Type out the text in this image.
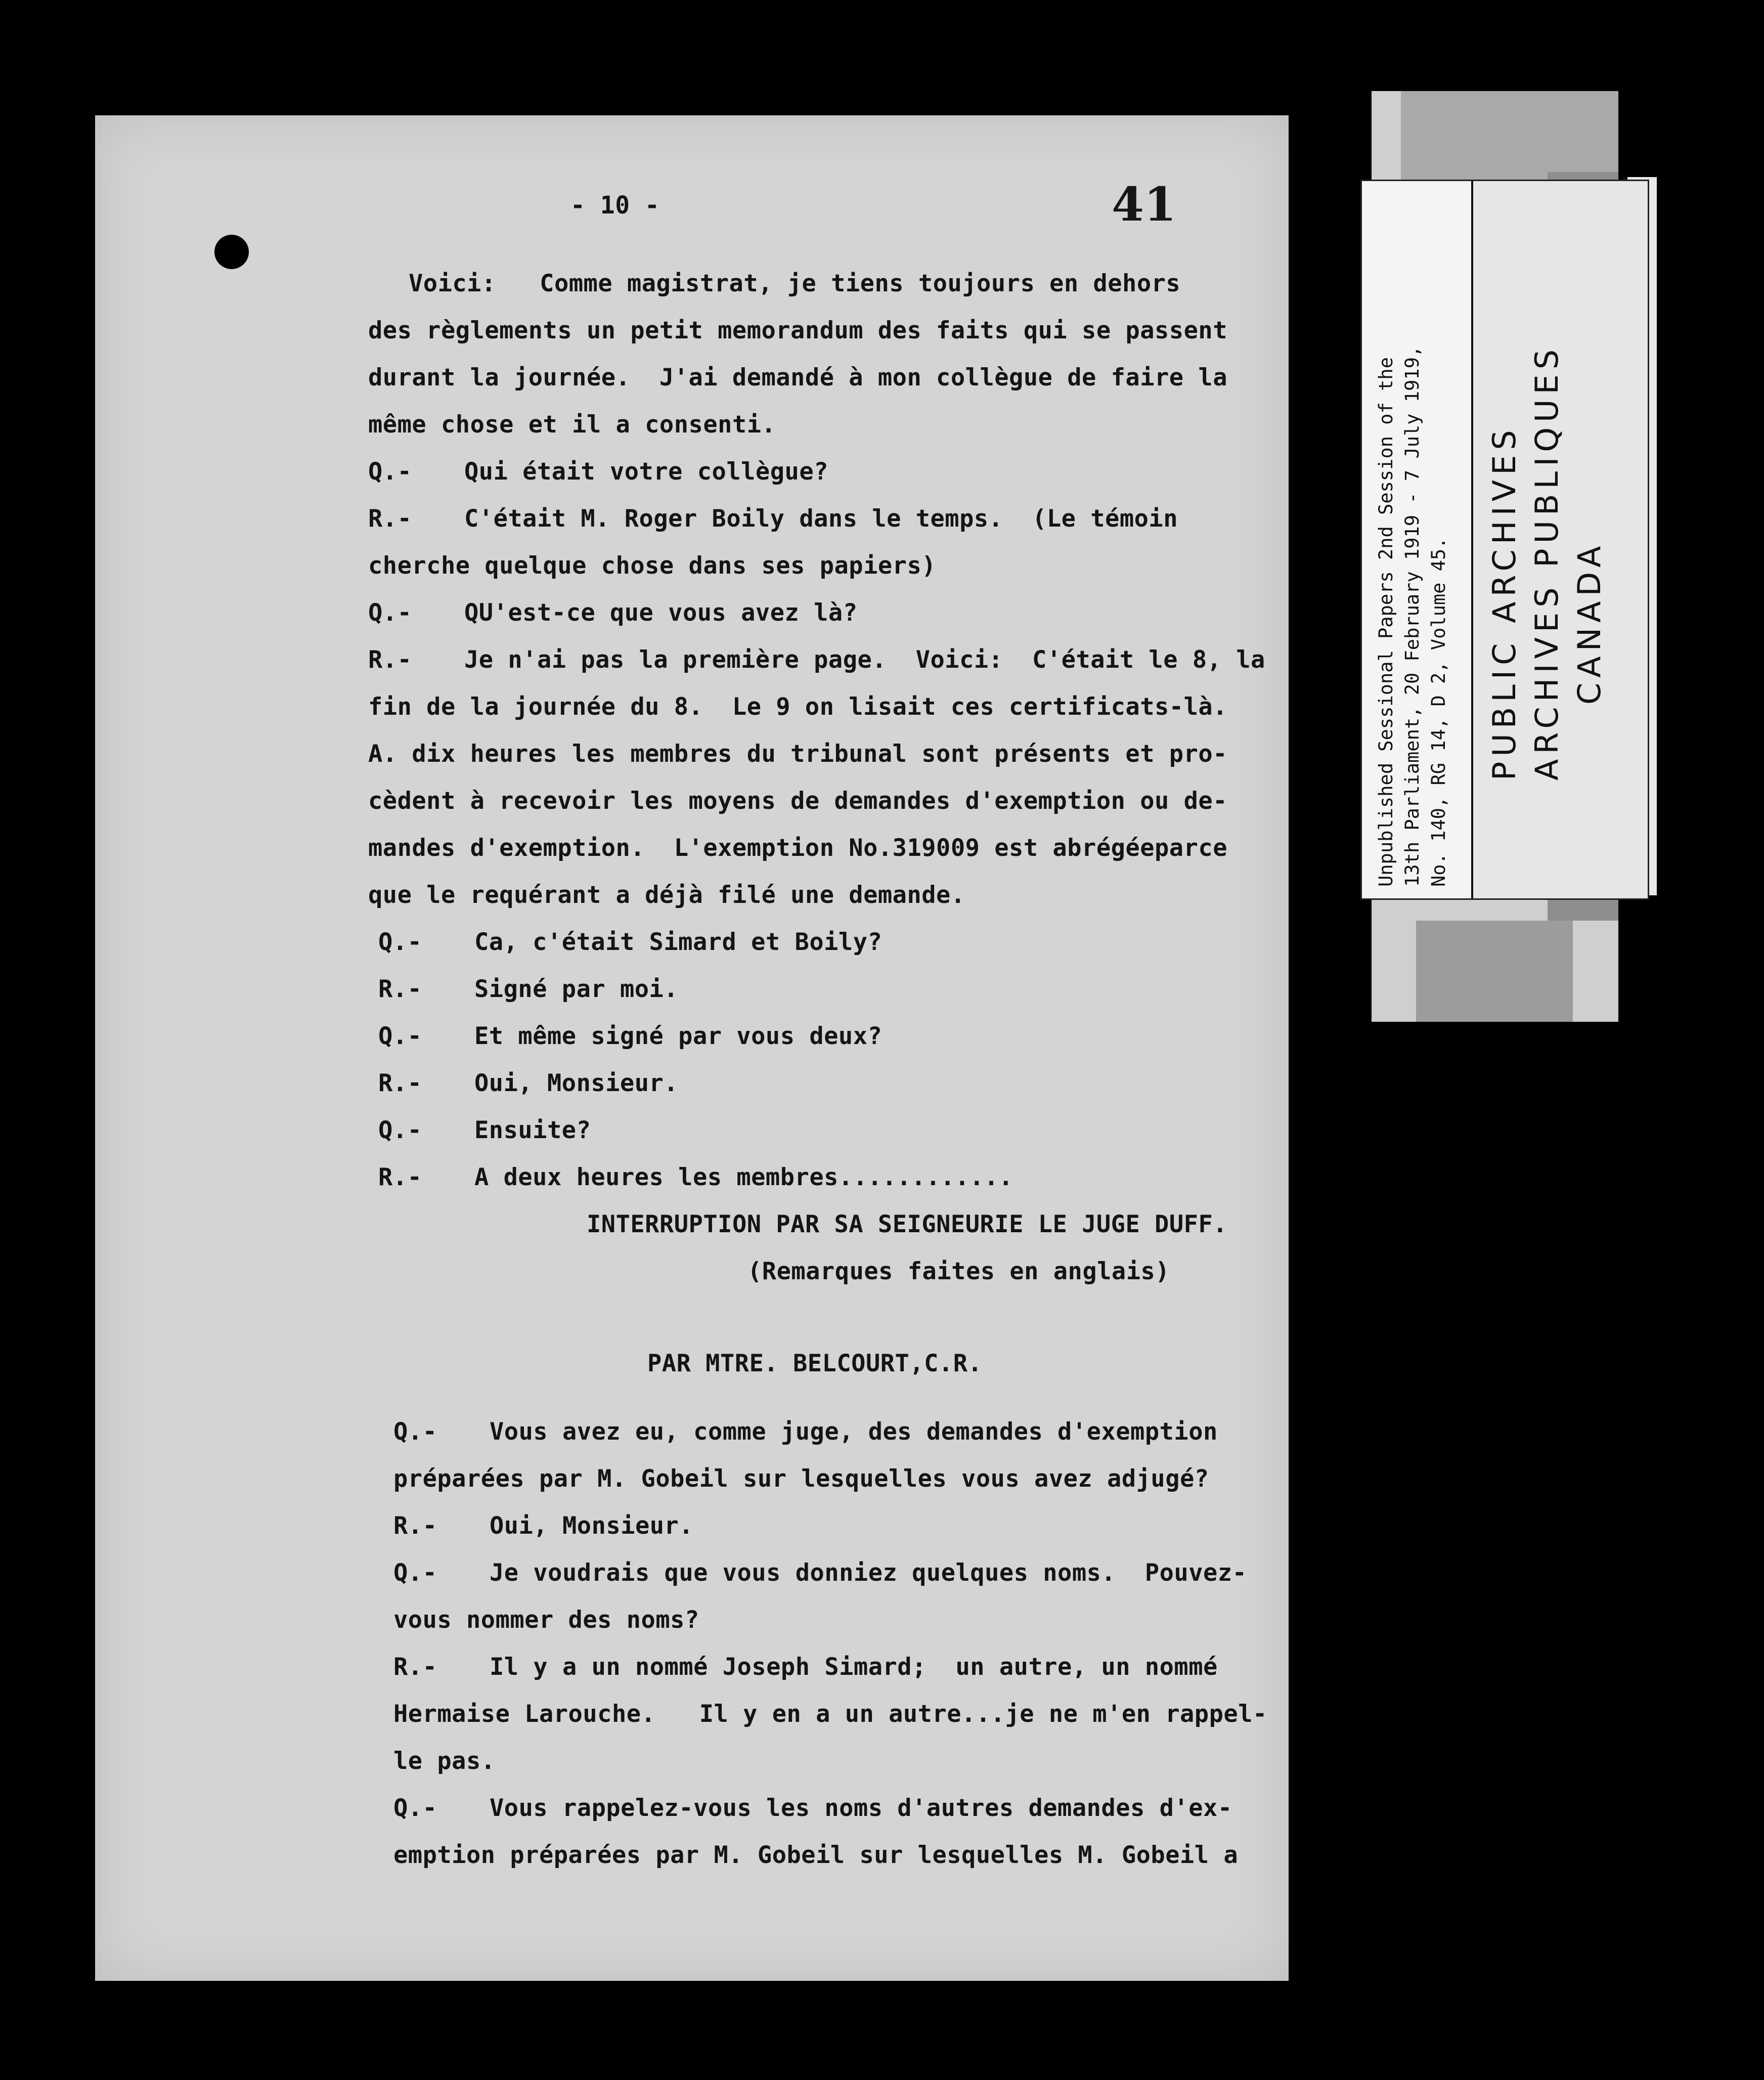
- 10 -	41

Voici:   Comme magistrat, je tiens toujours en dehors

des règlements un petit memorandum des faits qui se passent

durant la journée.  J'ai demandé à mon collègue de faire la

même chose et il a consenti.

Q.- Qui était votre collègue?

R.- C'était M. Roger Boily dans le temps.  (Le témoin

cherche quelque chose dans ses papiers)

Q.- QU'est-ce que vous avez là?

R.- Je n'ai pas la première page.  Voici:  C'était le 8, la

fin de la journée du 8.  Le 9 on lisait ces certificats-là.

A. dix heures les membres du tribunal sont présents et pro-

cèdent à recevoir les moyens de demandes d'exemption ou de-

mandes d'exemption.  L'exemption No.319009 est abrégéeparce

que le requérant a déjà filé une demande.

Q.- Ca, c'était Simard et Boily?

R.- Signé par moi.

Q.- Et même signé par vous deux?

R.- Oui, Monsieur.

Q.- Ensuite?

R.- A deux heures les membres............

INTERRUPTION PAR SA SEIGNEURIE LE JUGE DUFF.

(Remarques faites en anglais)

PAR MTRE. BELCOURT,C.R.

Q.- Vous avez eu, comme juge, des demandes d'exemption

préparées par M. Gobeil sur lesquelles vous avez adjugé?

R.- Oui, Monsieur.

Q.- Je voudrais que vous donniez quelques noms.  Pouvez-

vous nommer des noms?

R.- Il y a un nommé Joseph Simard;  un autre, un nommé

Hermaise Larouche.   Il y en a un autre...je ne m'en rappel-

le pas.

Q.- Vous rappelez-vous les noms d'autres demandes d'ex-

emption préparées par M. Gobeil sur lesquelles M. Gobeil a

Unpublished Sessional Papers 2nd Session of the 13th Parliament, 20 February 1919 - 7 July 1919, No. 140, RG 14, D 2, Volume 45. PUBLIC ARCHIVES ARCHIVES PUBLIQUES CANADA
